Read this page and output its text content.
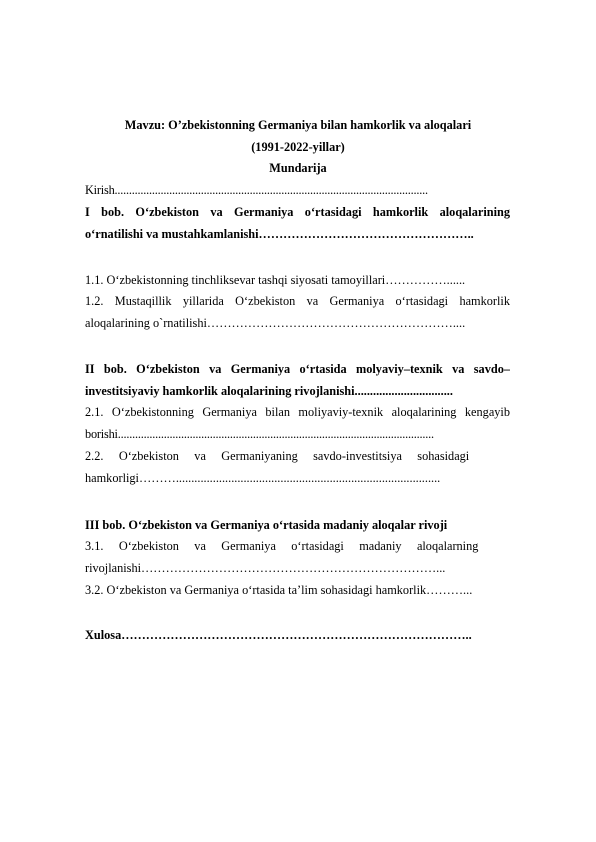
Mavzu: O’zbekistonning Germaniya bilan hamkorlik va aloqalari
(1991-2022-yillar)
Mundarija
Kirish.............................................................................................................
I bob. O‘zbekiston va Germaniya o‘rtasidagi hamkorlik aloqalarining
o‘rnatilishi va mustahkamlanishi……………………………………………..
1.1. O‘zbekistonning tinchliksevar tashqi siyosati tamoyillari……………......
1.2. Mustaqillik yillarida O‘zbekiston va Germaniya o‘rtasidagi hamkorlik
aloqalarining o`rnatilishi……………………………………………………....
II bob. O‘zbekiston va Germaniya o‘rtasida molyaviy–texnik va savdo–
investitsiyaviy hamkorlik aloqalarining rivojlanishi................................
2.1. O‘zbekistonning Germaniya bilan moliyaviy-texnik aloqalarining kengayib
borishi..............................................................................................................
2.2.     O‘zbekiston     va     Germaniyaning     savdo-investitsiya     sohasidagi
hamkorligi………......................................................................................
III bob. O‘zbekiston va Germaniya o‘rtasida madaniy aloqalar rivoji
3.1.     O‘zbekiston     va     Germaniya     o‘rtasidagi     madaniy     aloqalarning
rivojlanishi………………………………………………………………...
3.2. O‘zbekiston va Germaniya o‘rtasida ta’lim sohasidagi hamkorlik………...
Xulosa…………………………………………………………………………..
